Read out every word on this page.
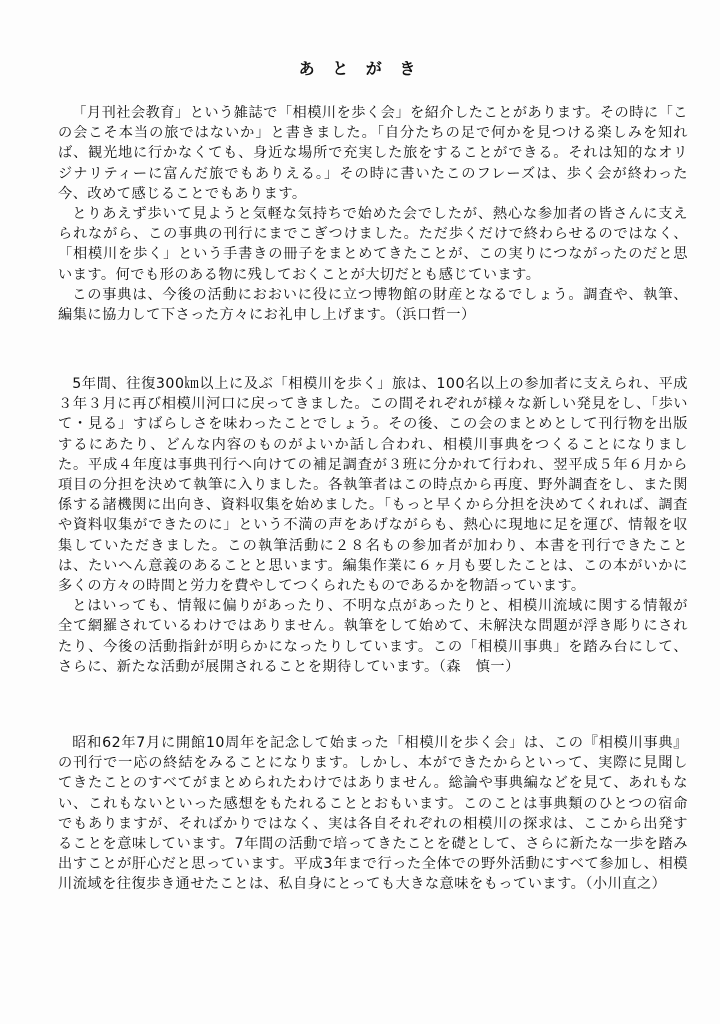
あ と が き

「月刊社会教育」という雑誌で「相模川を歩く会」を紹介したことがあります。その時に「この会こそ本当の旅ではないか」と書きました。「自分たちの足で何かを見つける楽しみを知れば、観光地に行かなくても、身近な場所で充実した旅をすることができる。それは知的なオリジナリティーに富んだ旅でもありえる。」その時に書いたこのフレーズは、歩く会が終わった今、改めて感じることでもあります。

とりあえず歩いて見ようと気軽な気持ちで始めた会でしたが、熱心な参加者の皆さんに支えられながら、この事典の刊行にまでこぎつけました。ただ歩くだけで終わらせるのではなく、「相模川を歩く」という手書きの冊子をまとめてきたことが、この実りにつながったのだと思います。何でも形のある物に残しておくことが大切だとも感じています。

この事典は、今後の活動におおいに役に立つ博物館の財産となるでしょう。調査や、執筆、編集に協力して下さった方々にお礼申し上げます。（浜口哲一）

5年間、往復300㎞以上に及ぶ「相模川を歩く」旅は、100名以上の参加者に支えられ、平成３年３月に再び相模川河口に戻ってきました。この間それぞれが様々な新しい発見をし、「歩いて・見る」すばらしさを味わったことでしょう。その後、この会のまとめとして刊行物を出版するにあたり、どんな内容のものがよいか話し合われ、相模川事典をつくることになりました。平成４年度は事典刊行へ向けての補足調査が３班に分かれて行われ、翌平成５年６月から項目の分担を決めて執筆に入りました。各執筆者はこの時点から再度、野外調査をし、また関係する諸機関に出向き、資料収集を始めました。「もっと早くから分担を決めてくれれば、調査や資料収集ができたのに」という不満の声をあげながらも、熱心に現地に足を運び、情報を収集していただきました。この執筆活動に２８名もの参加者が加わり、本書を刊行できたことは、たいへん意義のあることと思います。編集作業に６ヶ月も要したことは、この本がいかに多くの方々の時間と労力を費やしてつくられたものであるかを物語っています。

とはいっても、情報に偏りがあったり、不明な点があったりと、相模川流域に関する情報が全て網羅されているわけではありません。執筆をして始めて、未解決な問題が浮き彫りにされたり、今後の活動指針が明らかになったりしています。この「相模川事典」を踏み台にして、さらに、新たな活動が展開されることを期待しています。（森　慎一）

昭和62年7月に開館10周年を記念して始まった「相模川を歩く会」は、この『相模川事典』の刊行で一応の終結をみることになります。しかし、本ができたからといって、実際に見聞してきたことのすべてがまとめられたわけではありません。総論や事典編などを見て、あれもない、これもないといった感想をもたれることとおもいます。このことは事典類のひとつの宿命でもありますが、そればかりではなく、実は各自それぞれの相模川の探求は、ここから出発することを意味しています。7年間の活動で培ってきたことを礎として、さらに新たな一歩を踏み出すことが肝心だと思っています。平成3年まで行った全体での野外活動にすべて参加し、相模川流域を往復歩き通せたことは、私自身にとっても大きな意味をもっています。（小川直之）
